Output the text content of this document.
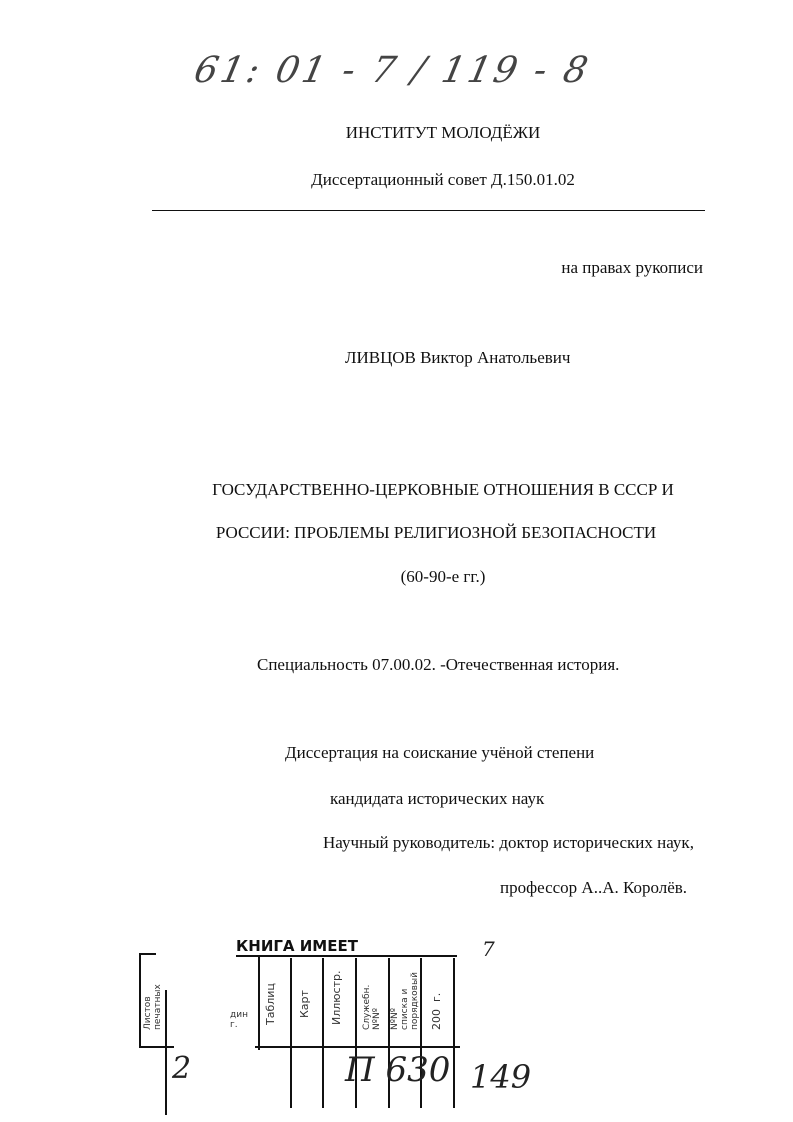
61: 01 - 7 / 119 - 8
ИНСТИТУТ МОЛОДЁЖИ
Диссертационный совет Д.150.01.02
на правах рукописи
ЛИВЦОВ Виктор Анатольевич
ГОСУДАРСТВЕННО-ЦЕРКОВНЫЕ ОТНОШЕНИЯ В СССР И
РОССИИ: ПРОБЛЕМЫ РЕЛИГИОЗНОЙ БЕЗОПАСНОСТИ
(60-90-е гг.)
Специальность 07.00.02. -Отечественная история.
Диссертация на соискание учёной степени
кандидата исторических наук
Научный руководитель: доктор исторических наук,
профессор А..А. Королёв.
КНИГА ИМЕЕТ
Листов
печатных
2
дин
г.	Таблиц Карт Иллюстр. Служебн.
NºNº NºNº
списка и
порядковый 200  г.
П 630 149
7
